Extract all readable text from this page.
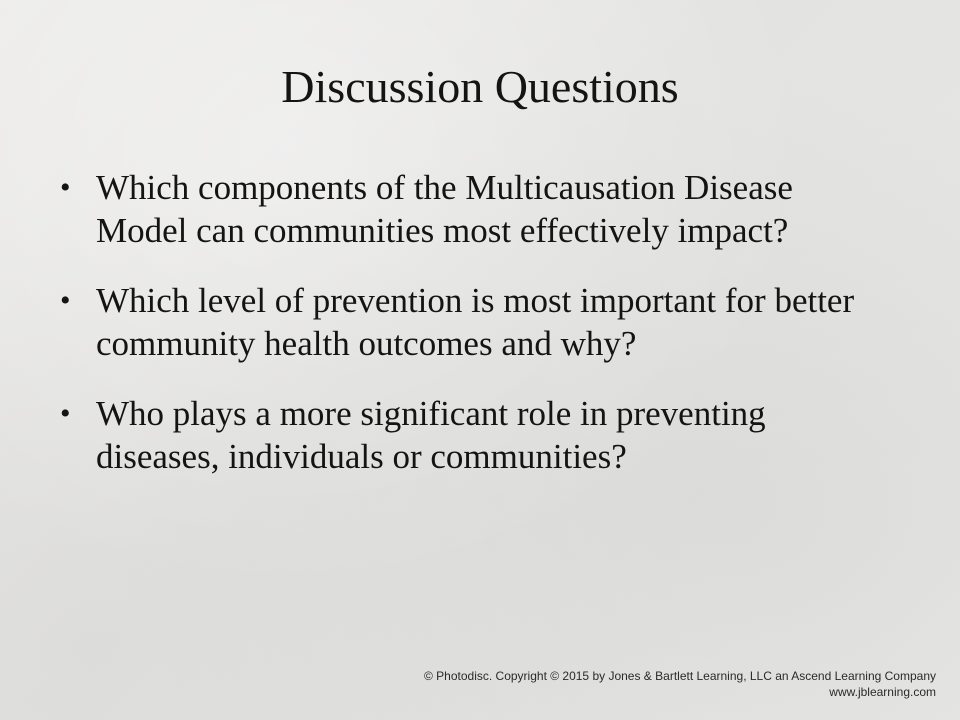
Discussion Questions
• Which components of the Multicausation Disease Model can communities most effectively impact?
• Which level of prevention is most important for better community health outcomes and why?
• Who plays a more significant role in preventing diseases, individuals or communities?
© Photodisc. Copyright © 2015 by Jones & Bartlett Learning, LLC an Ascend Learning Company
www.jblearning.com
